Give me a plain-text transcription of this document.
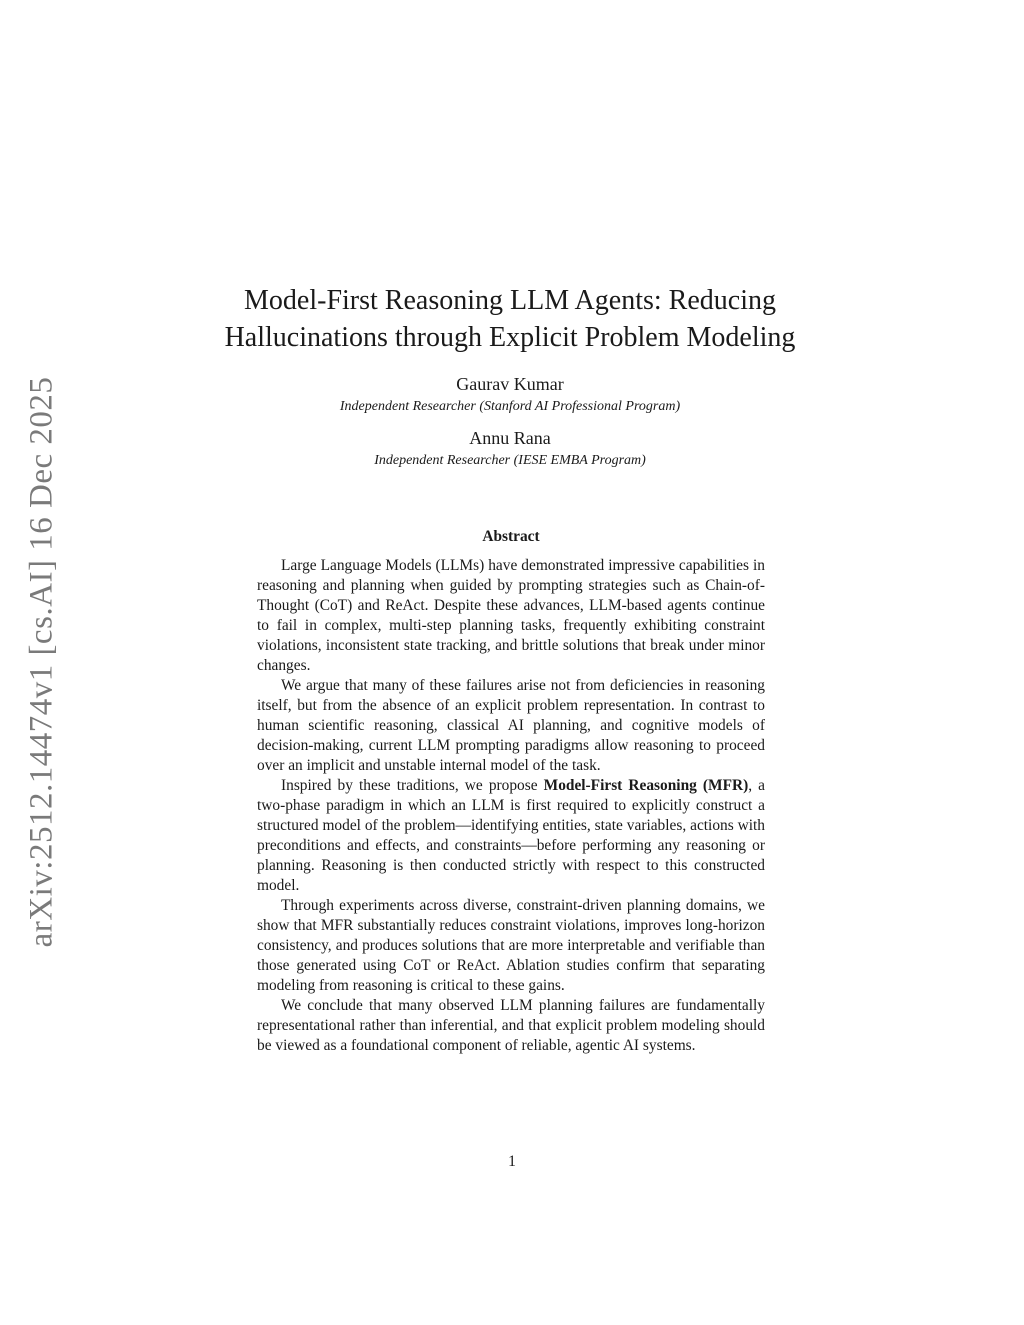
arXiv:2512.14474v1 [cs.AI] 16 Dec 2025
Model-First Reasoning LLM Agents: Reducing
Hallucinations through Explicit Problem Modeling

Gaurav Kumar

Independent Researcher (Stanford AI Professional Program)

Annu Rana

Independent Researcher (IESE EMBA Program)

Abstract

Large Language Models (LLMs) have demonstrated impressive capabilities in reasoning and planning when guided by prompting strategies such as Chain-of-Thought (CoT) and ReAct. Despite these advances, LLM-based agents continue to fail in complex, multi-step planning tasks, frequently exhibiting constraint violations, inconsistent state tracking, and brittle solutions that break under minor changes.

We argue that many of these failures arise not from deficiencies in reasoning itself, but from the absence of an explicit problem representation. In contrast to human scientific reasoning, classical AI planning, and cognitive models of decision-making, current LLM prompting paradigms allow reasoning to proceed over an implicit and unstable internal model of the task.

Inspired by these traditions, we propose Model-First Reasoning (MFR), a two-phase paradigm in which an LLM is first required to explicitly construct a structured model of the problem—identifying entities, state variables, actions with preconditions and effects, and constraints—before performing any reasoning or planning. Reasoning is then conducted strictly with respect to this constructed model.

Through experiments across diverse, constraint-driven planning domains, we show that MFR substantially reduces constraint violations, improves long-horizon consistency, and produces solutions that are more interpretable and verifiable than those generated using CoT or ReAct. Ablation studies confirm that separating modeling from reasoning is critical to these gains.

We conclude that many observed LLM planning failures are fundamentally representational rather than inferential, and that explicit problem modeling should be viewed as a foundational component of reliable, agentic AI systems.

1
